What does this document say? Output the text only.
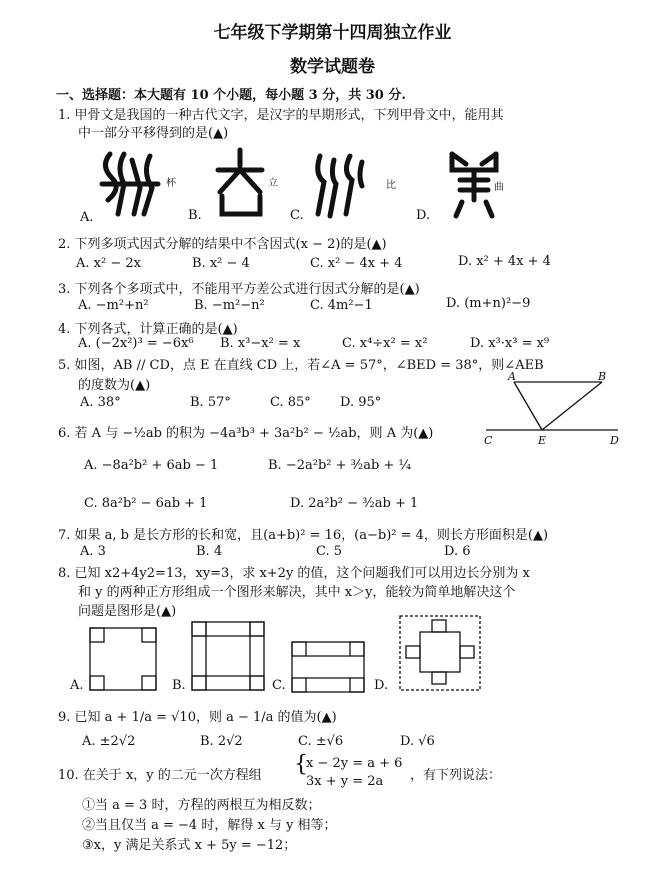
七年级下学期第十四周独立作业
数学试题卷
一、选择题：本大题有 10 个小题，每小题 3 分，共 30 分.
1. 甲骨文是我国的一种古代文字，是汉字的早期形式，下列甲骨文中，能用其
中一部分平移得到的是(▲)
杯	立	比	曲
A.	B.	C.	D.
2. 下列多项式因式分解的结果中不含因式(x − 2)的是(▲)
A. x² − 2x	B. x² − 4	C. x² − 4x + 4	D. x² + 4x + 4
3. 下列各个多项式中，不能用平方差公式进行因式分解的是(▲)
A. −m²+n²	B. −m²−n²	C. 4m²−1	D. (m+n)²−9
4. 下列各式，计算正确的是(▲)
A. (−2x²)³ = −6x⁶ B. x³−x² = x	C. x⁴÷x² = x²	D. x³·x³ = x⁹
5. 如图，AB // CD，点 E 在直线 CD 上，若∠A = 57°，∠BED = 38°，则∠AEB
的度数为(▲)
A. 38°	B. 57°	C. 85° D. 95°
A	B
C	E	D
6. 若 A 与 −½ab 的积为 −4a³b³ + 3a²b² − ½ab，则 A 为(▲)
A. −8a²b² + 6ab − 1	B. −2a²b² + ³⁄₂ab + ¼
C. 8a²b² − 6ab + 1	D. 2a²b² − ³⁄₂ab + 1
7. 如果 a, b 是长方形的长和宽，且(a+b)² = 16，(a−b)² = 4，则长方形面积是(▲)
A. 3	B. 4	C. 5	D. 6
8. 已知 x2+4y2=13，xy=3，求 x+2y 的值，这个问题我们可以用边长分别为 x
和 y 的两种正方形组成一个图形来解决，其中 x＞y，能较为简单地解决这个
问题是图形是(▲)
A.	B.	C.	D.
9. 已知 a + 1/a = √10，则 a − 1/a 的值为(▲)
A. ±2√2	B. 2√2	C. ±√6	D. √6
10. 在关于 x，y 的二元一次方程组 {
x − 2y = a + 6
3x + y = 2a ，有下列说法：
①当 a = 3 时，方程的两根互为相反数；
②当且仅当 a = −4 时，解得 x 与 y 相等；
③x，y 满足关系式 x + 5y = −12；
